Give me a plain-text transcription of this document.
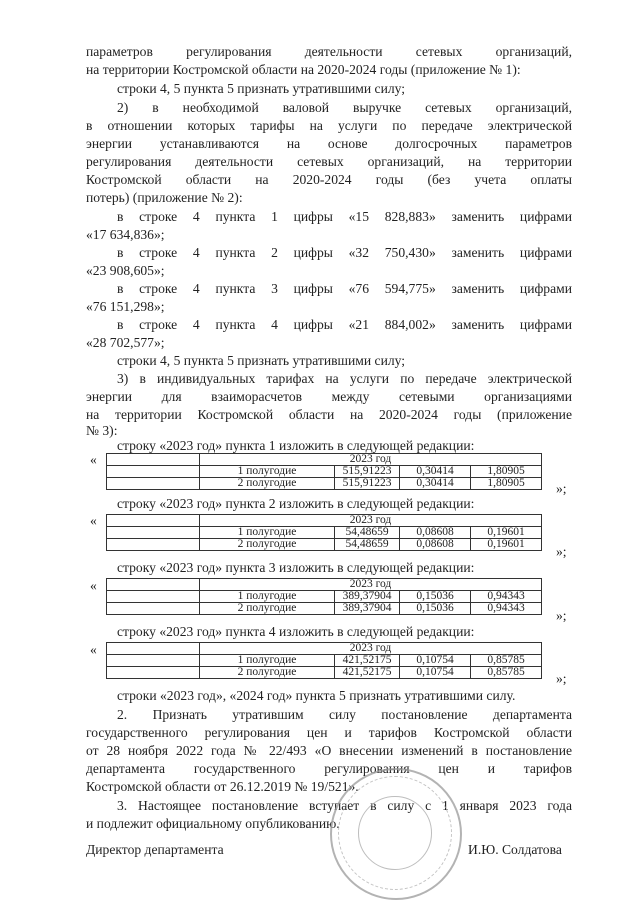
параметров регулирования деятельности сетевых организаций,
на территории Костромской области на 2020-2024 годы (приложение № 1):
строки 4, 5 пункта 5 признать утратившими силу;
2) в необходимой валовой выручке сетевых организаций,
в отношении которых тарифы на услуги по передаче электрической
энергии устанавливаются на основе долгосрочных параметров
регулирования деятельности сетевых организаций, на территории
Костромской области на 2020-2024 годы (без учета оплаты
потерь) (приложение № 2):
в строке 4 пункта 1 цифры «15 828,883» заменить цифрами
«17 634,836»;
в строке 4 пункта 2 цифры «32 750,430» заменить цифрами
«23 908,605»;
в строке 4 пункта 3 цифры «76 594,775» заменить цифрами
«76 151,298»;
в строке 4 пункта 4 цифры «21 884,002» заменить цифрами
«28 702,577»;
строки 4, 5 пункта 5 признать утратившими силу;
3) в индивидуальных тарифах на услуги по передаче электрической
энергии для взаиморасчетов между сетевыми организациями
на территории Костромской области на 2020-2024 годы (приложение
№ 3):
строку «2023 год» пункта 1 изложить в следующей редакции:
«
		2023 год			
	1 полугодие	515,91223	0,30414	1,80905
	2 полугодие	515,91223	0,30414	1,80905 »;
строку «2023 год» пункта 2 изложить в следующей редакции:
«
		2023 год			
	1 полугодие	54,48659	0,08608	0,19601
	2 полугодие	54,48659	0,08608	0,19601 »;
строку «2023 год» пункта 3 изложить в следующей редакции:
«
		2023 год			
	1 полугодие	389,37904	0,15036	0,94343
	2 полугодие	389,37904	0,15036	0,94343 »;
строку «2023 год» пункта 4 изложить в следующей редакции:
«
		2023 год			
	1 полугодие	421,52175	0,10754	0,85785
	2 полугодие	421,52175	0,10754	0,85785 »;
строки «2023 год», «2024 год» пункта 5 признать утратившими силу.
2. Признать утратившим силу постановление департамента
государственного регулирования цен и тарифов Костромской области
от 28 ноября 2022 года № 22/493 «О внесении изменений в постановление
департамента государственного регулирования цен и тарифов
Костромской области от 26.12.2019 № 19/521».
3. Настоящее постановление вступает в силу с 1 января 2023 года
и подлежит официальному опубликованию.
Директор департамента	И.Ю. Солдатова
